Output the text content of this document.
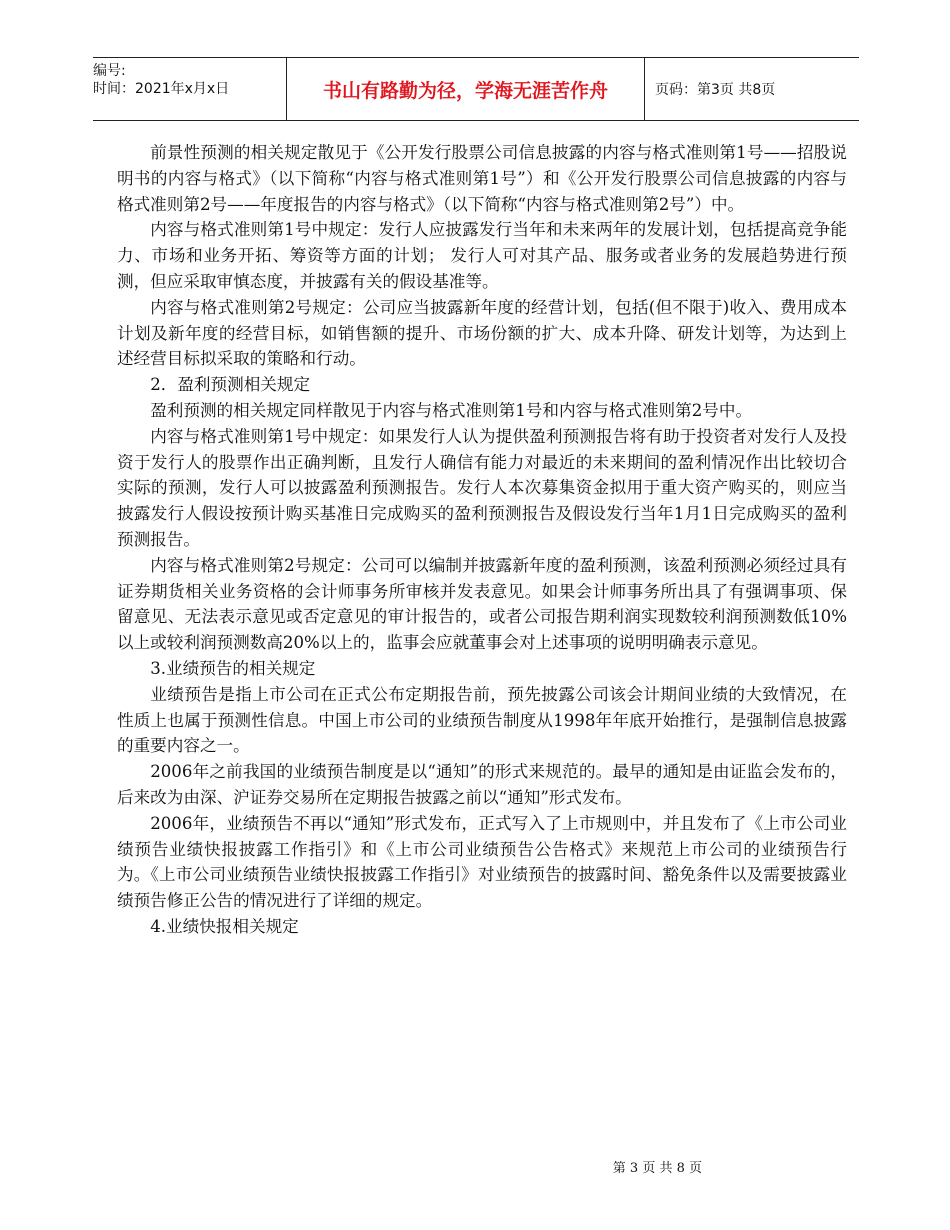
编号:
时间：2021年x月x日	书山有路勤为径，学海无涯苦作舟	页码：第3页 共8页

前景性预测的相关规定散见于《公开发行股票公司信息披露的内容与格式准则第1号——招股说明书的内容与格式》（以下简称“内容与格式准则第1号”）和《公开发行股票公司信息披露的内容与格式准则第2号——年度报告的内容与格式》（以下简称“内容与格式准则第2号”）中。

内容与格式准则第1号中规定：发行人应披露发行当年和未来两年的发展计划，包括提高竞争能力、市场和业务开拓、筹资等方面的计划； 发行人可对其产品、服务或者业务的发展趋势进行预测，但应采取审慎态度，并披露有关的假设基准等。

内容与格式准则第2号规定：公司应当披露新年度的经营计划，包括(但不限于)收入、费用成本计划及新年度的经营目标，如销售额的提升、市场份额的扩大、成本升降、研发计划等，为达到上述经营目标拟采取的策略和行动。

2．盈利预测相关规定

盈利预测的相关规定同样散见于内容与格式准则第1号和内容与格式准则第2号中。

内容与格式准则第1号中规定：如果发行人认为提供盈利预测报告将有助于投资者对发行人及投资于发行人的股票作出正确判断，且发行人确信有能力对最近的未来期间的盈利情况作出比较切合实际的预测，发行人可以披露盈利预测报告。发行人本次募集资金拟用于重大资产购买的，则应当披露发行人假设按预计购买基准日完成购买的盈利预测报告及假设发行当年1月1日完成购买的盈利预测报告。

内容与格式准则第2号规定：公司可以编制并披露新年度的盈利预测，该盈利预测必须经过具有证券期货相关业务资格的会计师事务所审核并发表意见。如果会计师事务所出具了有强调事项、保留意见、无法表示意见或否定意见的审计报告的，或者公司报告期利润实现数较利润预测数低10%以上或较利润预测数高20%以上的，监事会应就董事会对上述事项的说明明确表示意见。

3.业绩预告的相关规定

业绩预告是指上市公司在正式公布定期报告前，预先披露公司该会计期间业绩的大致情况，在性质上也属于预测性信息。中国上市公司的业绩预告制度从1998年年底开始推行，是强制信息披露的重要内容之一。

2006年之前我国的业绩预告制度是以“通知”的形式来规范的。最早的通知是由证监会发布的，后来改为由深、沪证券交易所在定期报告披露之前以“通知”形式发布。

2006年，业绩预告不再以“通知”形式发布，正式写入了上市规则中，并且发布了《上市公司业绩预告业绩快报披露工作指引》和《上市公司业绩预告公告格式》来规范上市公司的业绩预告行为。《上市公司业绩预告业绩快报披露工作指引》对业绩预告的披露时间、豁免条件以及需要披露业绩预告修正公告的情况进行了详细的规定。

4.业绩快报相关规定

第 3 页 共 8 页
